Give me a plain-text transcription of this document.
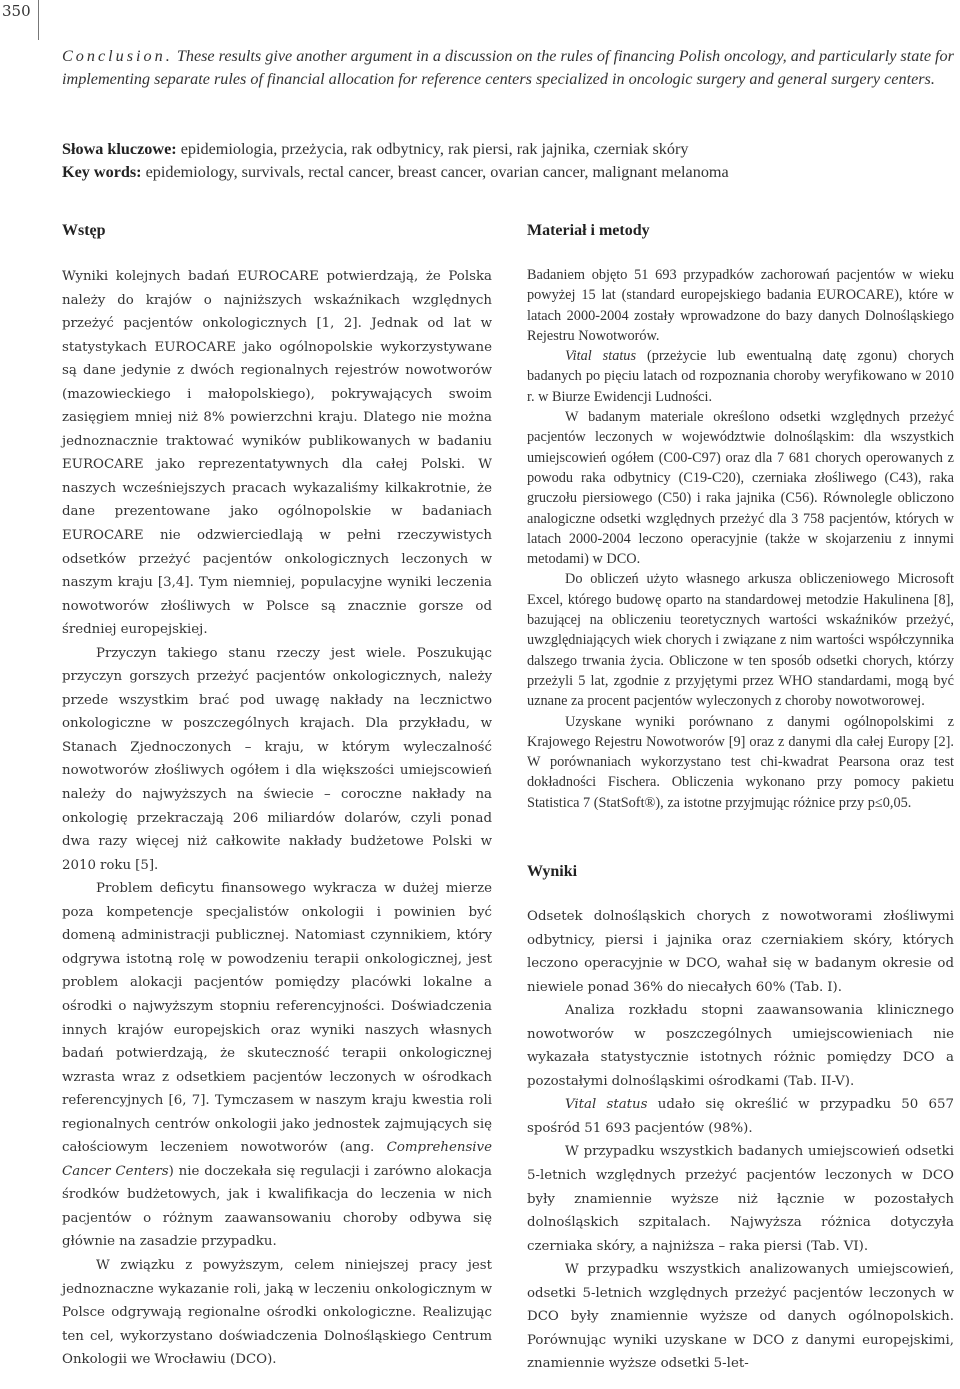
350

Conclusion. These results give another argument in a discussion on the rules of financing Polish oncology, and particularly state for implementing separate rules of financial allocation for reference centers specialized in oncologic surgery and general surgery centers.

Słowa kluczowe: epidemiologia, przeżycia, rak odbytnicy, rak piersi, rak jajnika, czerniak skóry

Key words: epidemiology, survivals, rectal cancer, breast cancer, ovarian cancer, malignant melanoma

Wstęp	Materiał i metody
Wyniki

Wyniki kolejnych badań EUROCARE potwierdzają, że Polska należy do krajów o najniższych wskaźnikach względnych przeżyć pacjentów onkologicznych [1, 2]. Jednak od lat w statystykach EUROCARE jako ogólnopolskie wykorzystywane są dane jedynie z dwóch regionalnych rejestrów nowotworów (mazowieckiego i małopolskiego), pokrywających swoim zasięgiem mniej niż 8% powierzchni kraju. Dlatego nie można jednoznacznie traktować wyników publikowanych w badaniu EUROCARE jako reprezentatywnych dla całej Polski. W naszych wcześniejszych pracach wykazaliśmy kilkakrotnie, że dane prezentowane jako ogólnopolskie w badaniach EUROCARE nie odzwierciedlają w pełni rzeczywistych odsetków przeżyć pacjentów onkologicznych leczonych w naszym kraju [3,4]. Tym niemniej, populacyjne wyniki leczenia nowotworów złośliwych w Polsce są znacznie gorsze od średniej europejskiej.

Przyczyn takiego stanu rzeczy jest wiele. Poszukując przyczyn gorszych przeżyć pacjentów onkologicznych, należy przede wszystkim brać pod uwagę nakłady na lecznictwo onkologiczne w poszczególnych krajach. Dla przykładu, w Stanach Zjednoczonych – kraju, w którym wyleczalność nowotworów złośliwych ogółem i dla większości umiejscowień należy do najwyższych na świecie – coroczne nakłady na onkologię przekraczają 206 miliardów dolarów, czyli ponad dwa razy więcej niż całkowite nakłady budżetowe Polski w 2010 roku [5].

Problem deficytu finansowego wykracza w dużej mierze poza kompetencje specjalistów onkologii i powinien być domeną administracji publicznej. Natomiast czynnikiem, który odgrywa istotną rolę w powodzeniu terapii onkologicznej, jest problem alokacji pacjentów pomiędzy placówki lokalne a ośrodki o najwyższym stopniu referencyjności. Doświadczenia innych krajów europejskich oraz wyniki naszych własnych badań potwierdzają, że skuteczność terapii onkologicznej wzrasta wraz z odsetkiem pacjentów leczonych w ośrodkach referencyjnych [6, 7]. Tymczasem w naszym kraju kwestia roli regionalnych centrów onkologii jako jednostek zajmujących się całościowym leczeniem nowotworów (ang. Comprehensive Cancer Centers) nie doczekała się regulacji i zarówno alokacja środków budżetowych, jak i kwalifikacja do leczenia w nich pacjentów o różnym zaawansowaniu choroby odbywa się głównie na zasadzie przypadku.

W związku z powyższym, celem niniejszej pracy jest jednoznaczne wykazanie roli, jaką w leczeniu onkologicznym w Polsce odgrywają regionalne ośrodki onkologiczne. Realizując ten cel, wykorzystano doświadczenia Dolnośląskiego Centrum Onkologii we Wrocławiu (DCO).

Badaniem objęto 51 693 przypadków zachorowań pacjentów w wieku powyżej 15 lat (standard europejskiego badania EUROCARE), które w latach 2000-2004 zostały wprowadzone do bazy danych Dolnośląskiego Rejestru Nowotworów.

Vital status (przeżycie lub ewentualną datę zgonu) chorych badanych po pięciu latach od rozpoznania choroby weryfikowano w 2010 r. w Biurze Ewidencji Ludności.

W badanym materiale określono odsetki względnych przeżyć pacjentów leczonych w województwie dolnośląskim: dla wszystkich umiejscowień ogółem (C00-C97) oraz dla 7 681 chorych operowanych z powodu raka odbytnicy (C19-C20), czerniaka złośliwego (C43), raka gruczołu piersiowego (C50) i raka jajnika (C56). Równolegle obliczono analogiczne odsetki względnych przeżyć dla 3 758 pacjentów, których w latach 2000-2004 leczono operacyjnie (także w skojarzeniu z innymi metodami) w DCO.

Do obliczeń użyto własnego arkusza obliczeniowego Microsoft Excel, którego budowę oparto na standardowej metodzie Hakulinena [8], bazującej na obliczeniu teoretycznych wartości wskaźników przeżyć, uwzględniających wiek chorych i związane z nim wartości współczynnika dalszego trwania życia. Obliczone w ten sposób odsetki chorych, którzy przeżyli 5 lat, zgodnie z przyjętymi przez WHO standardami, mogą być uznane za procent pacjentów wyleczonych z choroby nowotworowej.

Uzyskane wyniki porównano z danymi ogólnopolskimi z Krajowego Rejestru Nowotworów [9] oraz z danymi dla całej Europy [2]. W porównaniach wykorzystano test chi-kwadrat Pearsona oraz test dokładności Fischera. Obliczenia wykonano przy pomocy pakietu Statistica 7 (StatSoft®), za istotne przyjmując różnice przy p≤0,05.

Odsetek dolnośląskich chorych z nowotworami złośliwymi odbytnicy, piersi i jajnika oraz czerniakiem skóry, których leczono operacyjnie w DCO, wahał się w badanym okresie od niewiele ponad 36% do niecałych 60% (Tab. I).

Analiza rozkładu stopni zaawansowania klinicznego nowotworów w poszczególnych umiejscowieniach nie wykazała statystycznie istotnych różnic pomiędzy DCO a pozostałymi dolnośląskimi ośrodkami (Tab. II-V).

Vital status udało się określić w przypadku 50 657 spośród 51 693 pacjentów (98%).

W przypadku wszystkich badanych umiejscowień odsetki 5-letnich względnych przeżyć pacjentów leczonych w DCO były znamiennie wyższe niż łącznie w pozostałych dolnośląskich szpitalach. Najwyższa różnica dotyczyła czerniaka skóry, a najniższa – raka piersi (Tab. VI).

W przypadku wszystkich analizowanych umiejscowień, odsetki 5-letnich względnych przeżyć pacjentów leczonych w DCO były znamiennie wyższe od danych ogólnopolskich. Porównując wyniki uzyskane w DCO z danymi europejskimi, znamiennie wyższe odsetki 5-let-
